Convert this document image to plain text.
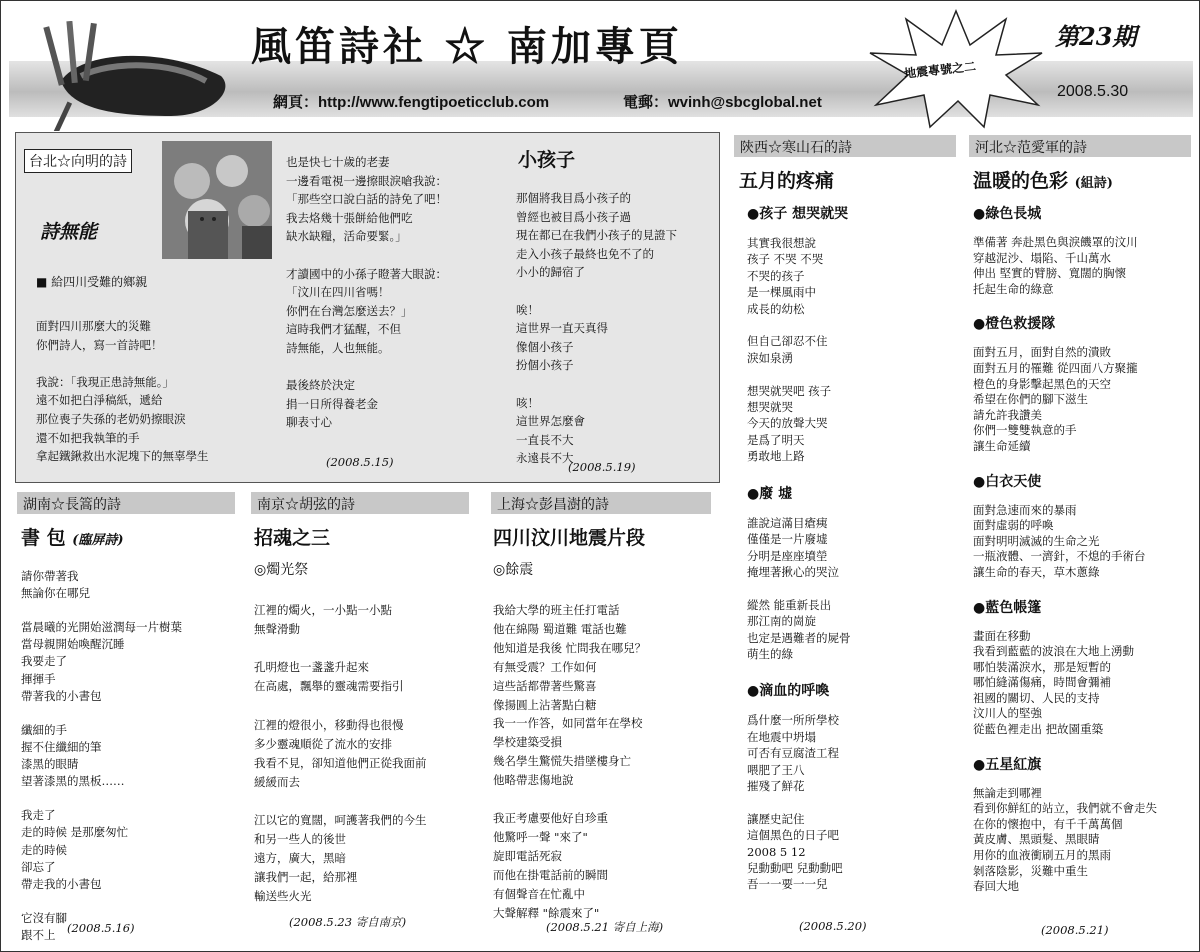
風笛詩社 ☆ 南加專頁
網頁：http://www.fengtipoeticclub.com	電郵：wvinh@sbcglobal.net
地震專號之二
第23期
2008.5.30
台北☆向明的詩
詩無能
■ 給四川受難的鄉親
面對四川那麼大的災難
你們詩人，寫一首詩吧！

我說：「我現正患詩無能。」
遠不如把白淨稿紙，遞給
那位喪子失孫的老奶奶擦眼淚
還不如把我執筆的手
拿起鐵鍬救出水泥塊下的無辜學生
也是快七十歲的老妻
一邊看電視一邊擦眼淚嗆我說：
「那些空口說白話的詩免了吧！
我去烙幾十張餅給他們吃
缺水缺糧，活命要緊。」

才讀國中的小孫子瞪著大眼說：
「汶川在四川省嗎！
你們在台灣怎麼送去？」
這時我們才猛醒，不但
詩無能，人也無能。

最後終於決定
捐一日所得養老金
聊表寸心
(2008.5.15)
小孩子
那個將我目爲小孩子的
曾經也被目爲小孩子過
現在都已在我們小孩子的見證下
走入小孩子最終也免不了的
小小的歸宿了

唉！
這世界一直天真得
像個小孩子
扮個小孩子

咳！
這世界怎麼會
一直長不大
永遠長不大
(2008.5.19)
湖南☆長篙的詩
書 包 (臨屏詩)
請你帶著我
無論你在哪兒

當晨曦的光開始滋潤每一片樹葉
當母親開始喚醒沉睡
我要走了
揮揮手
帶著我的小書包

纖細的手
握不住纖細的筆
漆黑的眼睛
望著漆黑的黑板……

我走了
走的時候 是那麼匆忙
走的時候
卻忘了
帶走我的小書包

它沒有腳
跟不上	(2008.5.16)
南京☆胡弦的詩
招魂之三
◎燭光祭
江裡的燭火，一小點一小點
無聲滑動

孔明燈也一盞盞升起來
在高處，飄舉的靈魂需要指引

江裡的燈很小，移動得也很慢
多少靈魂順從了流水的安排
我看不見，卻知道他們正從我面前
緩緩而去

江以它的寬闊，呵護著我們的今生
和另一些人的後世
遠方，廣大，黑暗
讓我們一起，給那裡
輸送些火光
(2008.5.23 寄自南京)
上海☆彭昌澍的詩
四川汶川地震片段
◎餘震
我給大學的班主任打電話
他在綿陽 蜀道難 電話也難
他知道是我後 忙問我在哪兒？
有無受震？工作如何
這些話都帶著些驚喜
像揚圓上沾著點白糖
我一一作答，如同當年在學校
學校建築受損
幾名學生驚慌失措墜樓身亡
他略帶悲傷地說

我正考慮要他好自珍重
他驚呼一聲 "來了"
旋即電話死寂
而他在掛電話前的瞬間
有個聲音在忙亂中
大聲解釋 "餘震來了"
(2008.5.21 寄自上海)
陝西☆寒山石的詩
五月的疼痛
●孩子 想哭就哭
其實我很想說
孩子 不哭 不哭
不哭的孩子
是一棵風雨中
成長的幼松

但自己卻忍不住
淚如泉湧

想哭就哭吧 孩子
想哭就哭
今天的放聲大哭
是爲了明天
勇敢地上路
●廢 墟
誰說這滿目瘡痍
僅僅是一片廢墟
分明是座座墳塋
掩埋著揪心的哭泣

縱然 能重新長出
那江南的崗旋
也定是遇難者的屍骨
萌生的綠
●滴血的呼喚
爲什麼一所所學校
在地震中坍塌
可否有豆腐渣工程
喂肥了王八
摧殘了鮮花

讓歷史記住
這個黑色的日子吧
2008 5 12
兒動動吧 兒動動吧
吾一一要一一兒
(2008.5.20)
河北☆范愛軍的詩
温暖的色彩 (組詩)
●綠色長城
準備著 奔赴黑色與淚饑罩的汶川
穿越泥沙、塌陷、千山萬水
伸出 堅實的臂膀、寬闊的胸懷
托起生命的綠意
●橙色救援隊
面對五月，面對自然的潰敗
面對五月的罹難 從四面八方聚攏
橙色的身影擊起黑色的天空
希望在你們的腳下滋生
請允許我讚美
你們一雙雙執意的手
讓生命延續
●白衣天使
面對急速而來的暴雨
面對虛弱的呼喚
面對明明滅滅的生命之光
一瓶液體、一濟針，不熄的手術台
讓生命的春天，草木蔥綠
●藍色帳篷
畫面在移動
我看到藍藍的波浪在大地上湧動
哪怕裝滿淚水，那是短暫的
哪怕縫滿傷痛，時間會彌補
祖國的關切、人民的支持
汶川人的堅強
從藍色裡走出 把故園重築
●五星紅旗
無論走到哪裡
看到你鮮紅的站立，我們就不會走失
在你的懷抱中，有千千萬萬個
黃皮膚、黑頭髮、黑眼睛
用你的血液衝刷五月的黑雨
剝落陰影，災難中重生
春回大地
(2008.5.21)
